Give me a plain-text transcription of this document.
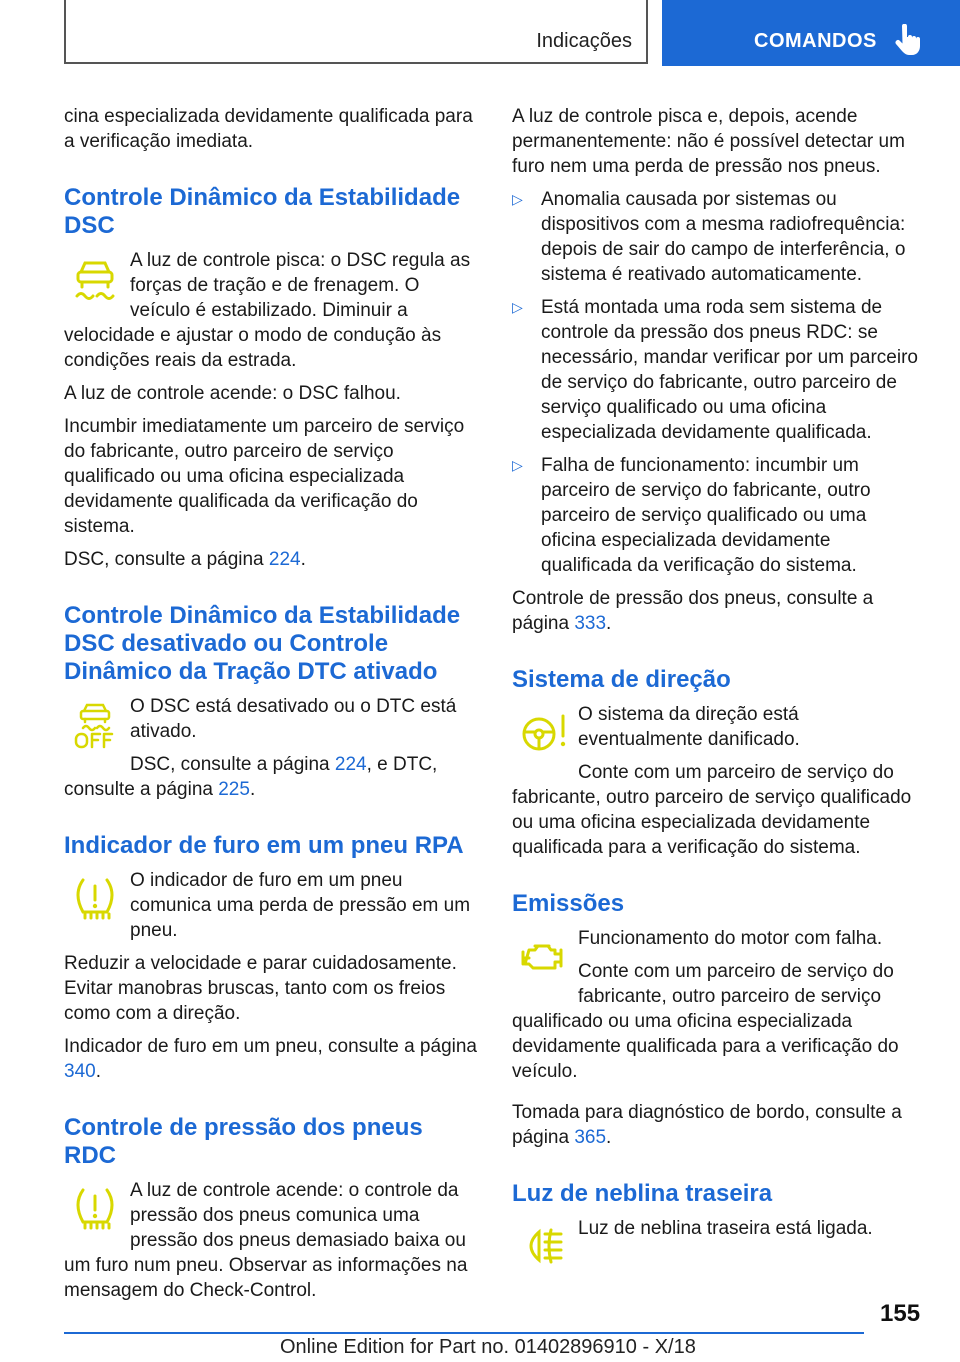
Indicações	COMANDOS

cina especializada devidamente qualificada para a verificação imediata.

Controle Dinâmico da Estabilidade DSC

A luz de controle pisca: o DSC regula as forças de tração e de frenagem. O veículo é estabilizado. Diminuir a velocidade e ajustar o modo de condução às condições reais da estrada.

A luz de controle acende: o DSC falhou.

Incumbir imediatamente um parceiro de serviço do fabricante, outro parceiro de serviço qualificado ou uma oficina especializada devidamente qualificada da verificação do sistema.

DSC, consulte a página 224.

Controle Dinâmico da Estabilidade DSC desativado ou Controle Dinâmico da Tração DTC ativado

O DSC está desativado ou o DTC está ativado.

DSC, consulte a página 224, e DTC, consulte a página 225.

Indicador de furo em um pneu RPA

O indicador de furo em um pneu comunica uma perda de pressão em um pneu.

Reduzir a velocidade e parar cuidadosamente. Evitar manobras bruscas, tanto com os freios como com a direção.

Indicador de furo em um pneu, consulte a página 340.

Controle de pressão dos pneus RDC

A luz de controle acende: o controle da pressão dos pneus comunica uma pressão dos pneus demasiado baixa ou um furo num pneu. Observar as informações na mensagem do Check-Control.

A luz de controle pisca e, depois, acende permanentemente: não é possível detectar um furo nem uma perda de pressão nos pneus.

▷ Anomalia causada por sistemas ou dispositivos com a mesma radiofrequência: depois de sair do campo de interferência, o sistema é reativado automaticamente.
▷ Está montada uma roda sem sistema de controle da pressão dos pneus RDC: se necessário, mandar verificar por um parceiro de serviço do fabricante, outro parceiro de serviço qualificado ou uma oficina especializada devidamente qualificada.
▷ Falha de funcionamento: incumbir um parceiro de serviço do fabricante, outro parceiro de serviço qualificado ou uma oficina especializada devidamente qualificada da verificação do sistema.

Controle de pressão dos pneus, consulte a página 333.

Sistema de direção

O sistema da direção está eventualmente danificado.

Conte com um parceiro de serviço do fabricante, outro parceiro de serviço qualificado ou uma oficina especializada devidamente qualificada para a verificação do sistema.

Emissões

Funcionamento do motor com falha.

Conte com um parceiro de serviço do fabricante, outro parceiro de serviço qualificado ou uma oficina especializada devidamente qualificada para a verificação do veículo.

Tomada para diagnóstico de bordo, consulte a página 365.

Luz de neblina traseira

Luz de neblina traseira está ligada.

155
Online Edition for Part no. 01402896910 - X/18
